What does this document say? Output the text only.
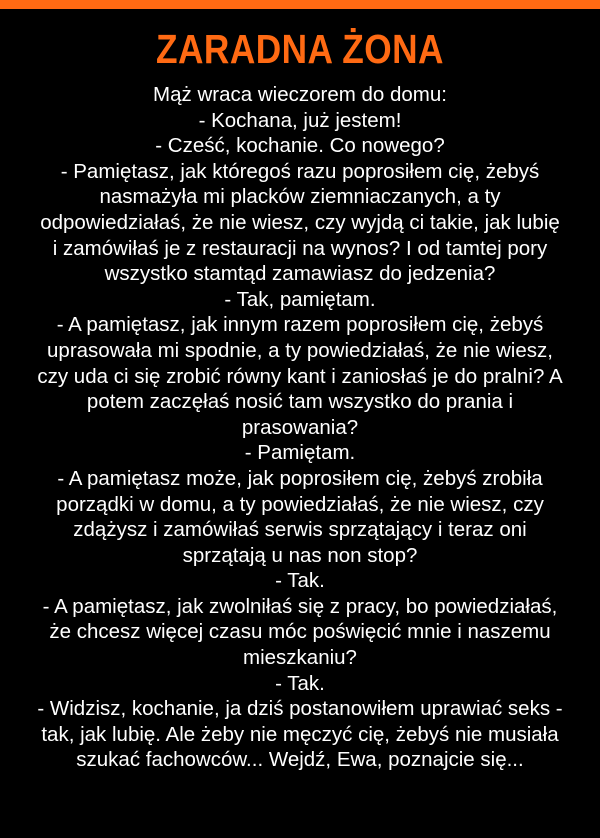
ZARADNA ŻONA
Mąż wraca wieczorem do domu:
- Kochana, już jestem!
- Cześć, kochanie. Co nowego?
- Pamiętasz, jak któregoś razu poprosiłem cię, żebyś nasmażyła mi placków ziemniaczanych, a ty odpowiedziałaś, że nie wiesz, czy wyjdą ci takie, jak lubię i zamówiłaś je z restauracji na wynos? I od tamtej pory wszystko stamtąd zamawiasz do jedzenia?
- Tak, pamiętam.
- A pamiętasz, jak innym razem poprosiłem cię, żebyś uprasowała mi spodnie, a ty powiedziałaś, że nie wiesz, czy uda ci się zrobić równy kant i zaniosłaś je do pralni? A potem zaczęłaś nosić tam wszystko do prania i prasowania?
- Pamiętam.
- A pamiętasz może, jak poprosiłem cię, żebyś zrobiła porządki w domu, a ty powiedziałaś, że nie wiesz, czy zdążysz i zamówiłaś serwis sprzątający i teraz oni sprzątają u nas non stop?
- Tak.
- A pamiętasz, jak zwolniłaś się z pracy, bo powiedziałaś, że chcesz więcej czasu móc poświęcić mnie i naszemu mieszkaniu?
- Tak.
- Widzisz, kochanie, ja dziś postanowiłem uprawiać seks - tak, jak lubię. Ale żeby nie męczyć cię, żebyś nie musiała szukać fachowców... Wejdź, Ewa, poznajcie się...
